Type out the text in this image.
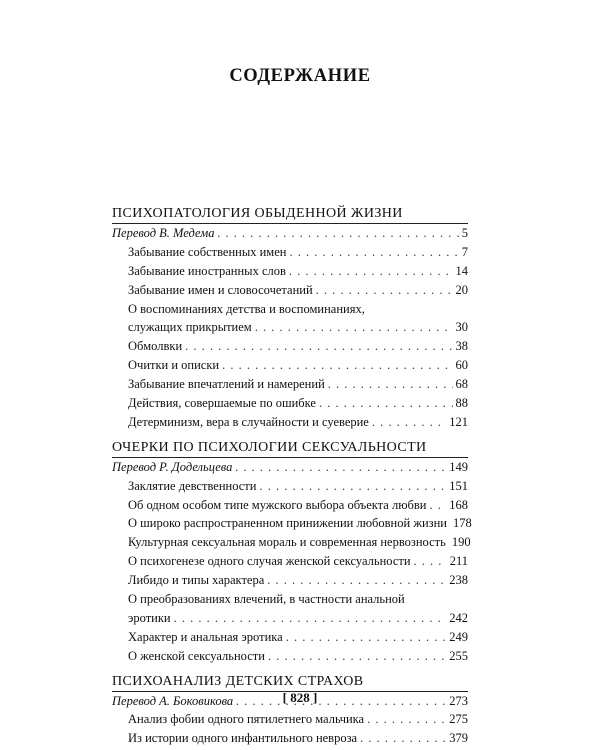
СОДЕРЖАНИЕ
ПСИХОПАТОЛОГИЯ ОБЫДЕННОЙ ЖИЗНИ
Перевод В. Медема . . .	5
Забывание собственных имен . . .	7
Забывание иностранных слов . . .	14
Забывание имен и словосочетаний . . .	20
О воспоминаниях детства и воспоминаниях,
служащих прикрытием . . .	30
Обмолвки . . .	38
Очитки и описки . . .	60
Забывание впечатлений и намерений . . .	68
Действия, совершаемые по ошибке . . .	88
Детерминизм, вера в случайности и суеверие . . .	121
ОЧЕРКИ ПО ПСИХОЛОГИИ СЕКСУАЛЬНОСТИ
Перевод Р. Додельцева . . .	149
Заклятие девственности . . .	151
Об одном особом типе мужского выбора объекта любви . . . 168
О широко распространенном принижении любовной жизни 178
Культурная сексуальная мораль и современная нервозность 190
О психогенезе одного случая женской сексуальности . . .	211
Либидо и типы характера . . .	238
О преобразованиях влечений, в частности анальной
эротики . . .	242
Характер и анальная эротика . . .	249
О женской сексуальности . . .	255
ПСИХОАНАЛИЗ ДЕТСКИХ СТРАХОВ
Перевод А. Боковикова . . .	273
Анализ фобии одного пятилетнего мальчика . . .	275
Из истории одного инфантильного невроза . . .	379
[ 828 ]
